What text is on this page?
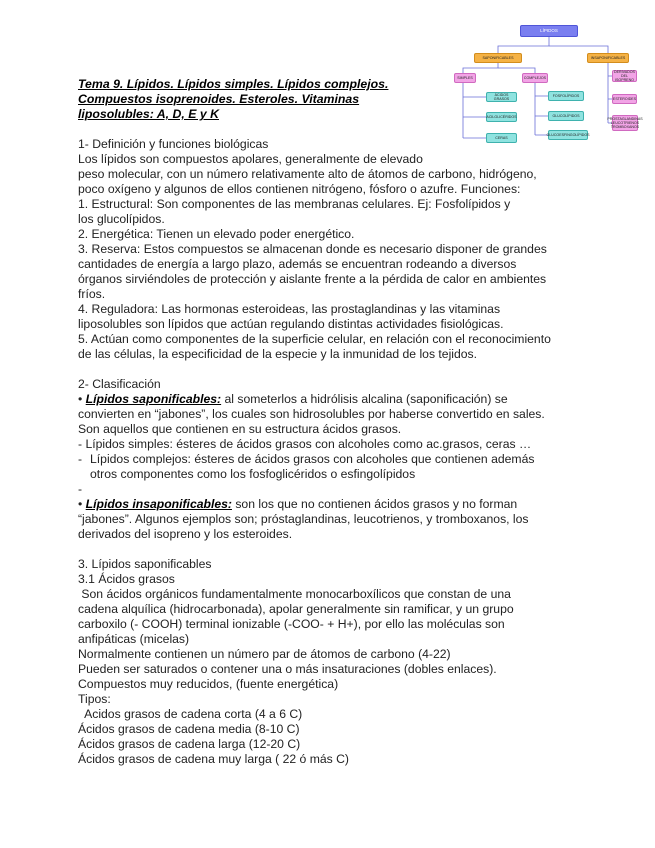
LÍPIDOS
SAPONIFICABLES	INSAPONIFICABLES
SIMPLES	COMPLEJOS
ÁCIDOS GRASOS
ACILGLICÉRIDOS
CERAS
FOSFOLÍPIDOS
GLUCOLÍPIDOS
GLUCOESFINGOLÍPIDOS
DERIVADOS DEL ISOPRENO
ESTEROIDES
PROSTAGLANDINAS LEUCOTRIENOS TROMBOXANOS
Tema 9. Lípidos. Lípidos simples. Lípidos complejos.
Compuestos isoprenoides. Esteroles. Vitaminas
liposolubles: A, D, E y K

1- Definición y funciones biológicas

Los lípidos son compuestos apolares, generalmente de elevado

peso molecular, con un número relativamente alto de átomos de carbono, hidrógeno,

poco oxígeno y algunos de ellos contienen nitrógeno, fósforo o azufre. Funciones:

1. Estructural: Son componentes de las membranas celulares. Ej: Fosfolípidos y

los glucolípidos.

2. Energética: Tienen un elevado poder energético.

3. Reserva: Estos compuestos se almacenan donde es necesario disponer de grandes

cantidades de energía a largo plazo, además se encuentran rodeando a diversos

órganos sirviéndoles de protección y aislante frente a la pérdida de calor en ambientes

fríos.

4. Reguladora: Las hormonas esteroideas, las prostaglandinas y las vitaminas

liposolubles son lípidos que actúan regulando distintas actividades fisiológicas.

5. Actúan como componentes de la superficie celular, en relación con el reconocimiento

de las células, la especificidad de la especie y la inmunidad de los tejidos.

2- Clasificación

• Lípidos saponificables: al someterlos a hidrólisis alcalina (saponificación) se

convierten en “jabones”, los cuales son hidrosolubles por haberse convertido en sales.

Son aquellos que contienen en su estructura ácidos grasos.

- Lípidos simples: ésteres de ácidos grasos con alcoholes como ac.grasos, ceras …

- Lípidos complejos: ésteres de ácidos grasos con alcoholes que contienen además

otros componentes como los fosfoglicéridos o esfingolípidos

-

• Lípidos insaponificables: son los que no contienen ácidos grasos y no forman

“jabones”. Algunos ejemplos son; próstaglandinas, leucotrienos, y tromboxanos, los

derivados del isopreno y los esteroides.

3. Lípidos saponificables

3.1 Ácidos grasos

Son ácidos orgánicos fundamentalmente monocarboxílicos que constan de una

cadena alquílica (hidrocarbonada), apolar generalmente sin ramificar, y un grupo

carboxilo (- COOH) terminal ionizable (-COO- + H+), por ello las moléculas son

anfipáticas (micelas)

Normalmente contienen un número par de átomos de carbono (4-22)

Pueden ser saturados o contener una o más insaturaciones (dobles enlaces).

Compuestos muy reducidos, (fuente energética)

Tipos:

Acidos grasos de cadena corta (4 a 6 C)

Ácidos grasos de cadena media (8-10 C)

Ácidos grasos de cadena larga (12-20 C)

Ácidos grasos de cadena muy larga ( 22 ó más C)
